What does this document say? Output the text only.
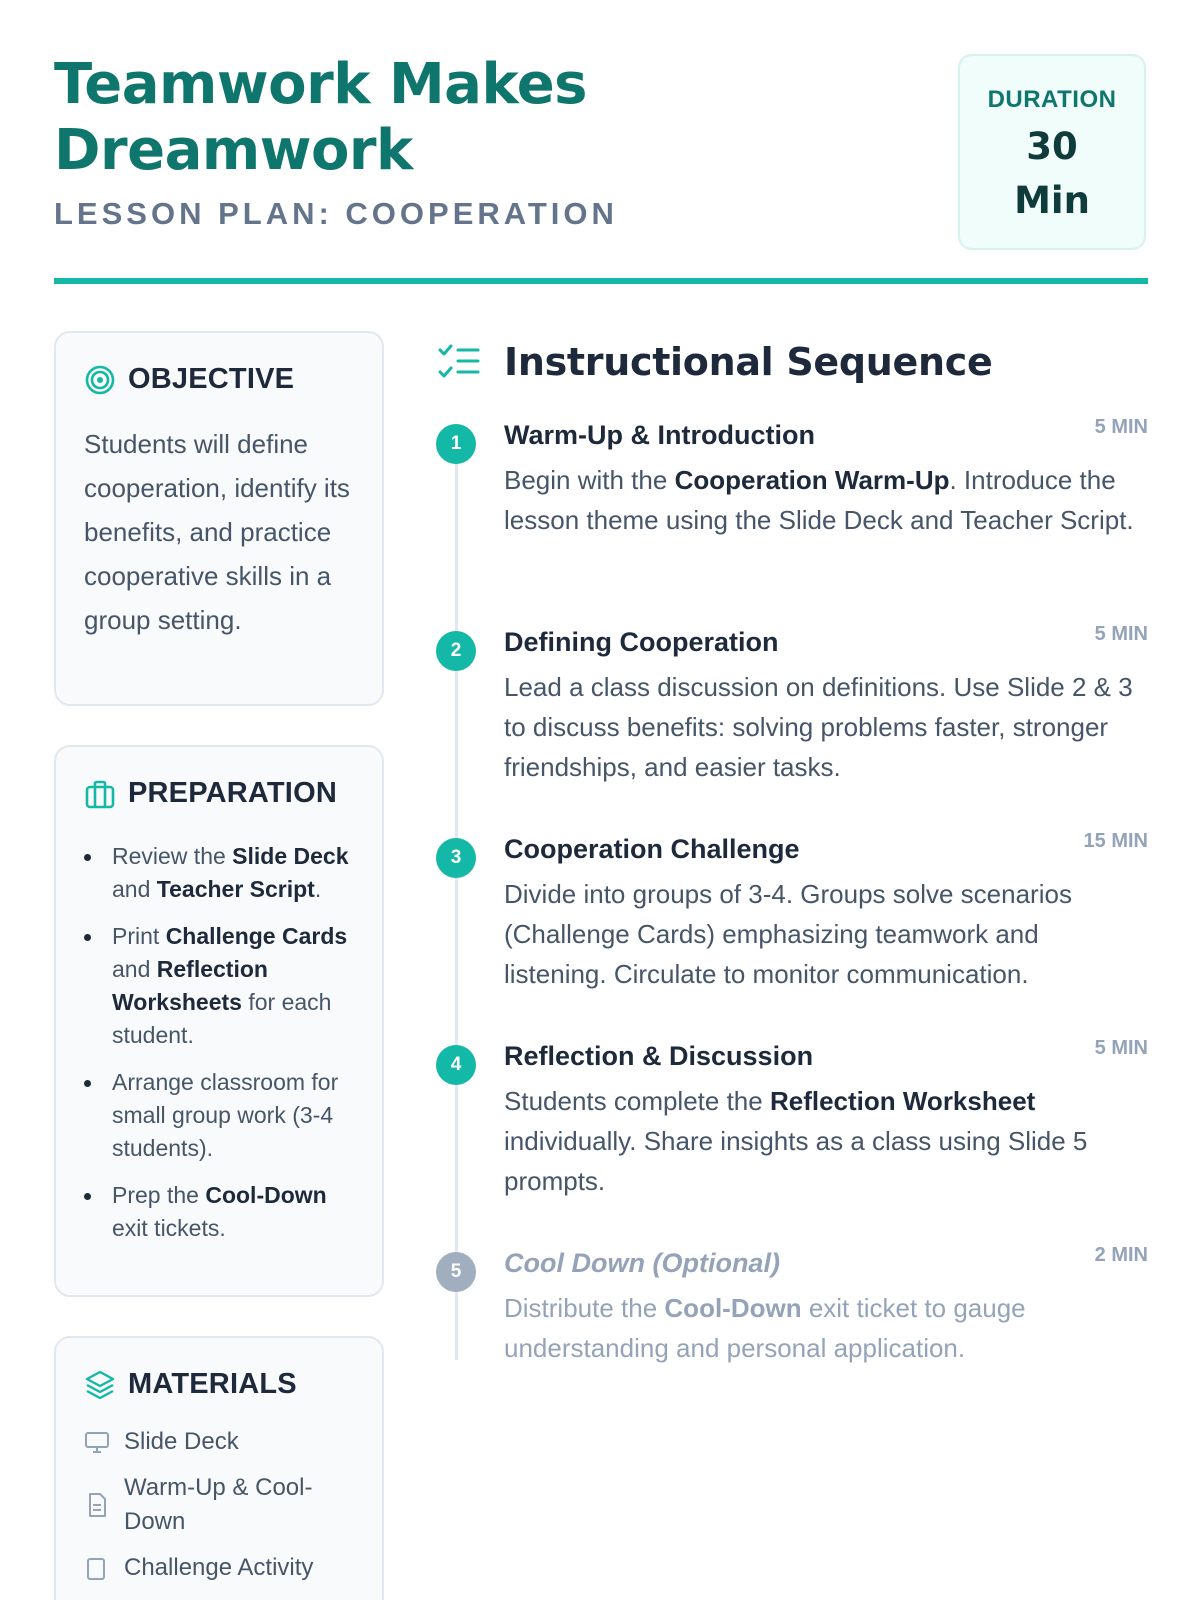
Teamwork Makes Dreamwork
LESSON PLAN: COOPERATION
DURATION
30
Min
OBJECTIVE

Students will define cooperation, identify its benefits, and practice cooperative skills in a group setting.

PREPARATION
Review the Slide Deck and Teacher Script.
Print Challenge Cards and Reflection Worksheets for each student.
Arrange classroom for small group work (3-4 students).
Prep the Cool-Down exit tickets.
MATERIALS
Slide Deck
Warm-Up & Cool-Down
Challenge Activity
Instructional Sequence
1	Warm-Up & Introduction	5 MIN
Begin with the Cooperation Warm-Up. Introduce the lesson theme using the Slide Deck and Teacher Script.
2	Defining Cooperation	5 MIN
Lead a class discussion on definitions. Use Slide 2 & 3 to discuss benefits: solving problems faster, stronger friendships, and easier tasks.
3	Cooperation Challenge	15 MIN
Divide into groups of 3-4. Groups solve scenarios (Challenge Cards) emphasizing teamwork and listening. Circulate to monitor communication.
4	Reflection & Discussion	5 MIN
Students complete the Reflection Worksheet individually. Share insights as a class using Slide 5 prompts.
5	Cool Down (Optional)	2 MIN
Distribute the Cool-Down exit ticket to gauge understanding and personal application.
